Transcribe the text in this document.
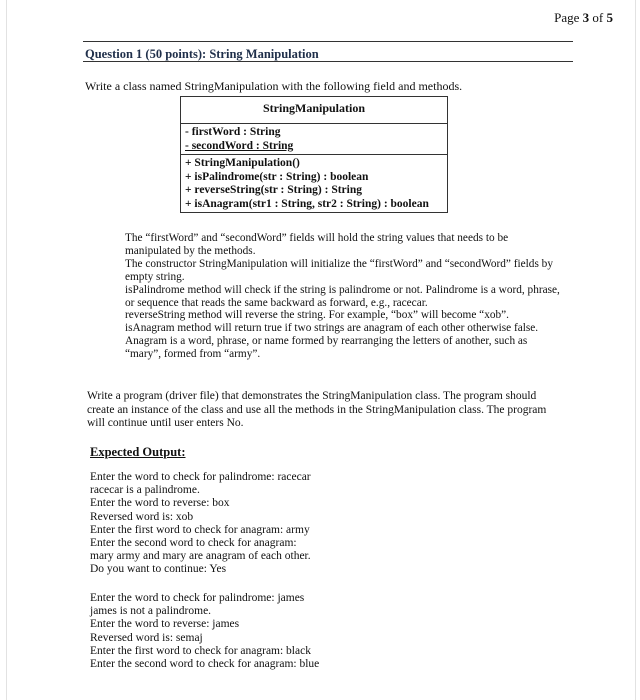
Page 3 of 5
Question 1 (50 points): String Manipulation
Write a class named StringManipulation with the following field and methods.
StringManipulation
- firstWord : String
- secondWord : String
+ StringManipulation()
+ isPalindrome(str : String) : boolean
+ reverseString(str : String) : String
+ isAnagram(str1 : String, str2 : String) : boolean

The “firstWord” and “secondWord” fields will hold the string values that needs to be manipulated by the methods.

The constructor StringManipulation will initialize the “firstWord” and “secondWord” fields by empty string.

isPalindrome method will check if the string is palindrome or not. Palindrome is a word, phrase, or sequence that reads the same backward as forward, e.g., racecar.

reverseString method will reverse the string. For example, “box” will become “xob”.

isAnagram method will return true if two strings are anagram of each other otherwise false. Anagram is a word, phrase, or name formed by rearranging the letters of another, such as “mary”, formed from “army”.

Write a program (driver file) that demonstrates the StringManipulation class. The program should create an instance of the class and use all the methods in the StringManipulation class. The program will continue until user enters No.
Expected Output:
Enter the word to check for palindrome: racecar
racecar is a palindrome.
Enter the word to reverse: box
Reversed word is: xob
Enter the first word to check for anagram: army
Enter the second word to check for anagram:
mary army and mary are anagram of each other.
Do you want to continue: Yes
Enter the word to check for palindrome: james
james is not a palindrome.
Enter the word to reverse: james
Reversed word is: semaj
Enter the first word to check for anagram: black
Enter the second word to check for anagram: blue
